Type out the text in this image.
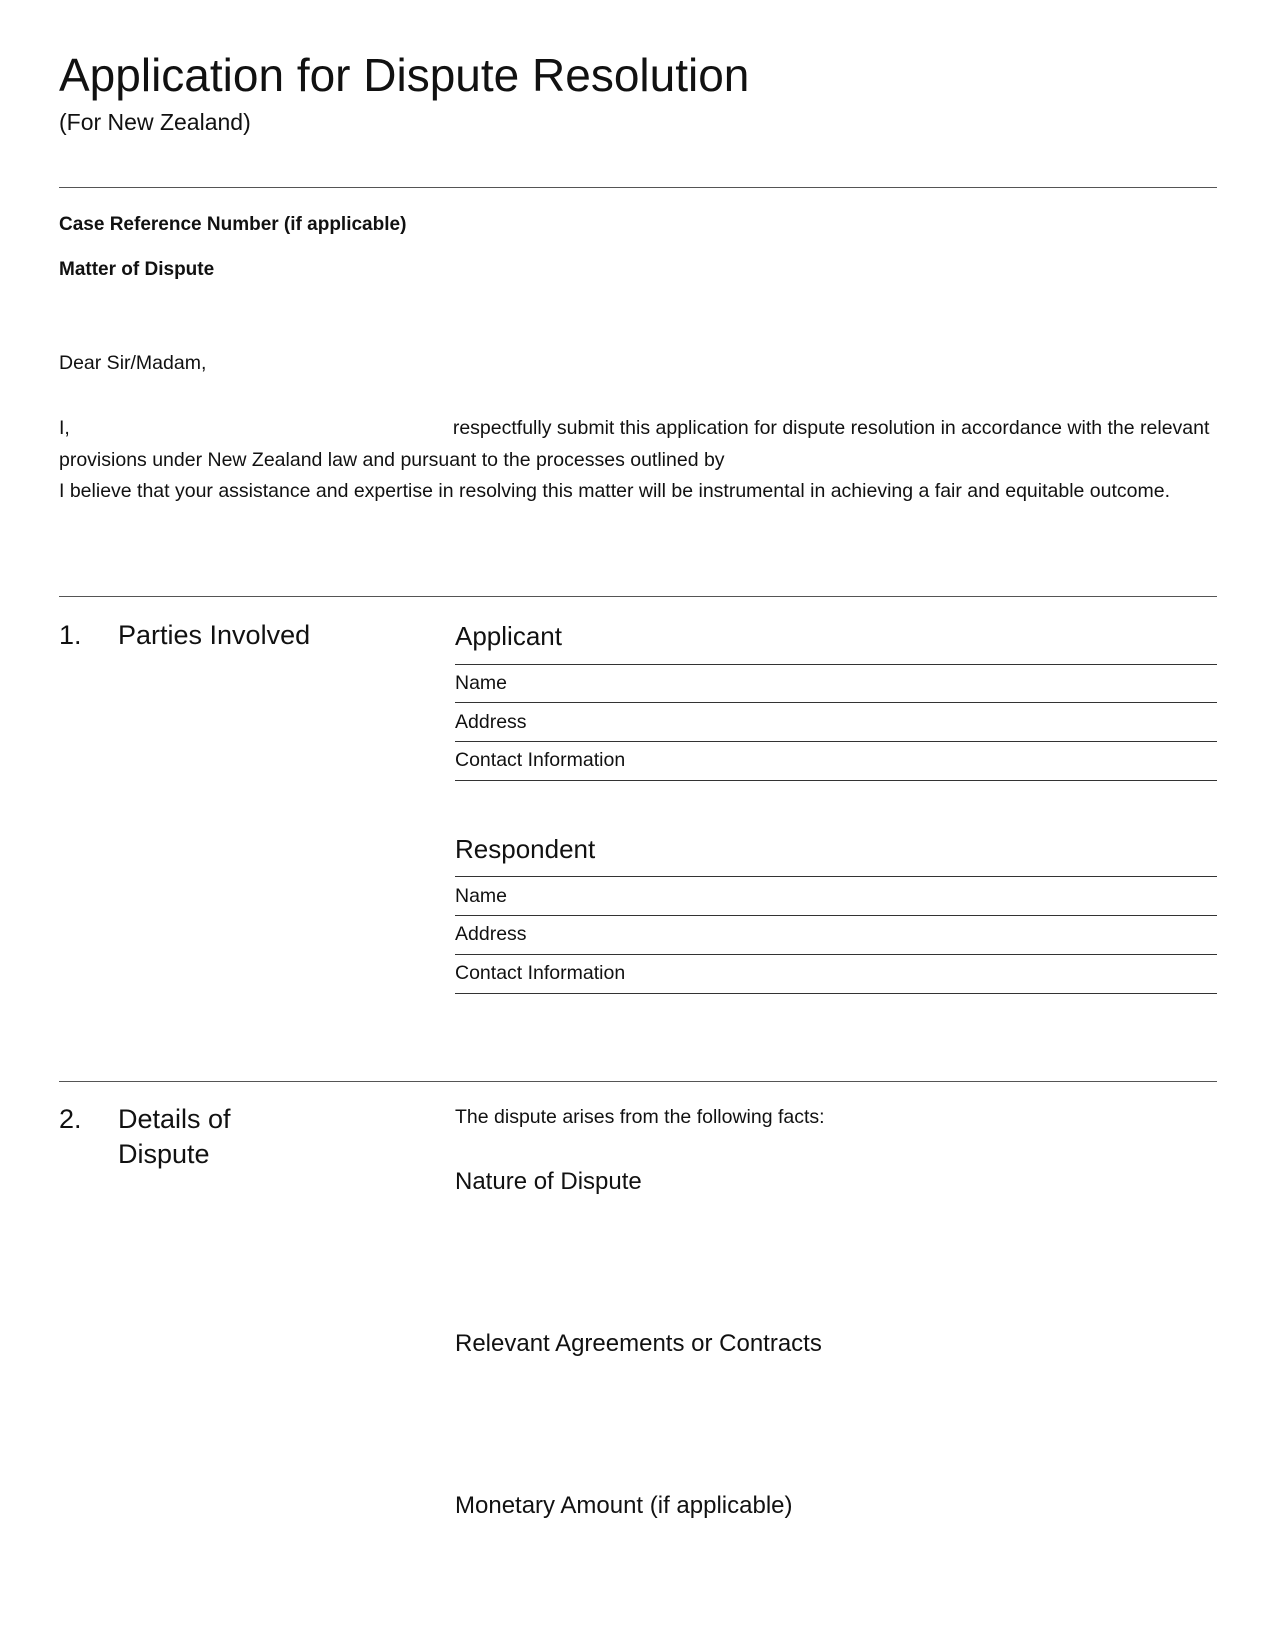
Application for Dispute Resolution
(For New Zealand)
Case Reference Number (if applicable)
Matter of Dispute
Dear Sir/Madam,
I,	respectfully submit this application for dispute resolution in accordance with the relevant provisions under New Zealand law and pursuant to the processes outlined by
I believe that your assistance and expertise in resolving this matter will be instrumental in achieving a fair and equitable outcome.
1. Parties Involved	Applicant
Name
Address
Contact Information
Respondent
Name
Address
Contact Information
2. Details of
Dispute
The dispute arises from the following facts:
Nature of Dispute
Relevant Agreements or Contracts
Monetary Amount (if applicable)
